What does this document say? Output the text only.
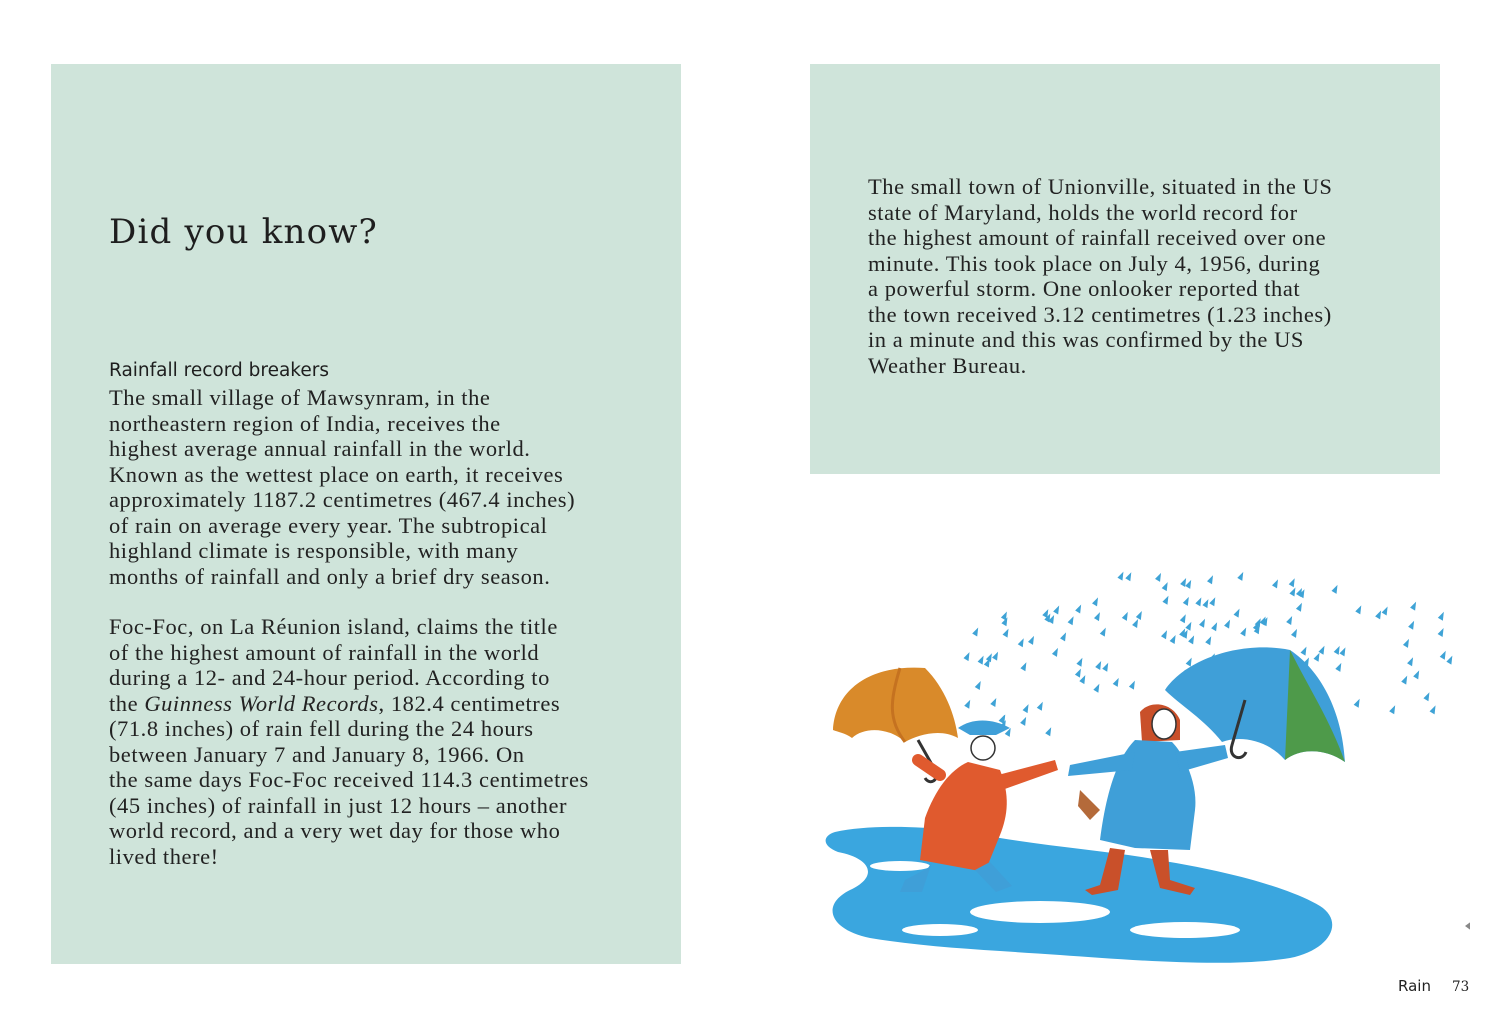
Did you know?
Rainfall record breakers

The small village of Mawsynram, in the
northeastern region of India, receives the
highest average annual rainfall in the world.
Known as the wettest place on earth, it receives
approximately 1187.2 centimetres (467.4 inches)
of rain on average every year. The subtropical
highland climate is responsible, with many
months of rainfall and only a brief dry season.

Foc-Foc, on La Réunion island, claims the title
of the highest amount of rainfall in the world
during a 12- and 24-hour period. According to
the Guinness World Records, 182.4 centimetres
(71.8 inches) of rain fell during the 24 hours
between January 7 and January 8, 1966. On
the same days Foc-Foc received 114.3 centimetres
(45 inches) of rainfall in just 12 hours – another
world record, and a very wet day for those who
lived there!

The small town of Unionville, situated in the US
state of Maryland, holds the world record for
the highest amount of rainfall received over one
minute. This took place on July 4, 1956, during
a powerful storm. One onlooker reported that
the town received 3.12 centimetres (1.23 inches)
in a minute and this was confirmed by the US
Weather Bureau.

Rain 73
